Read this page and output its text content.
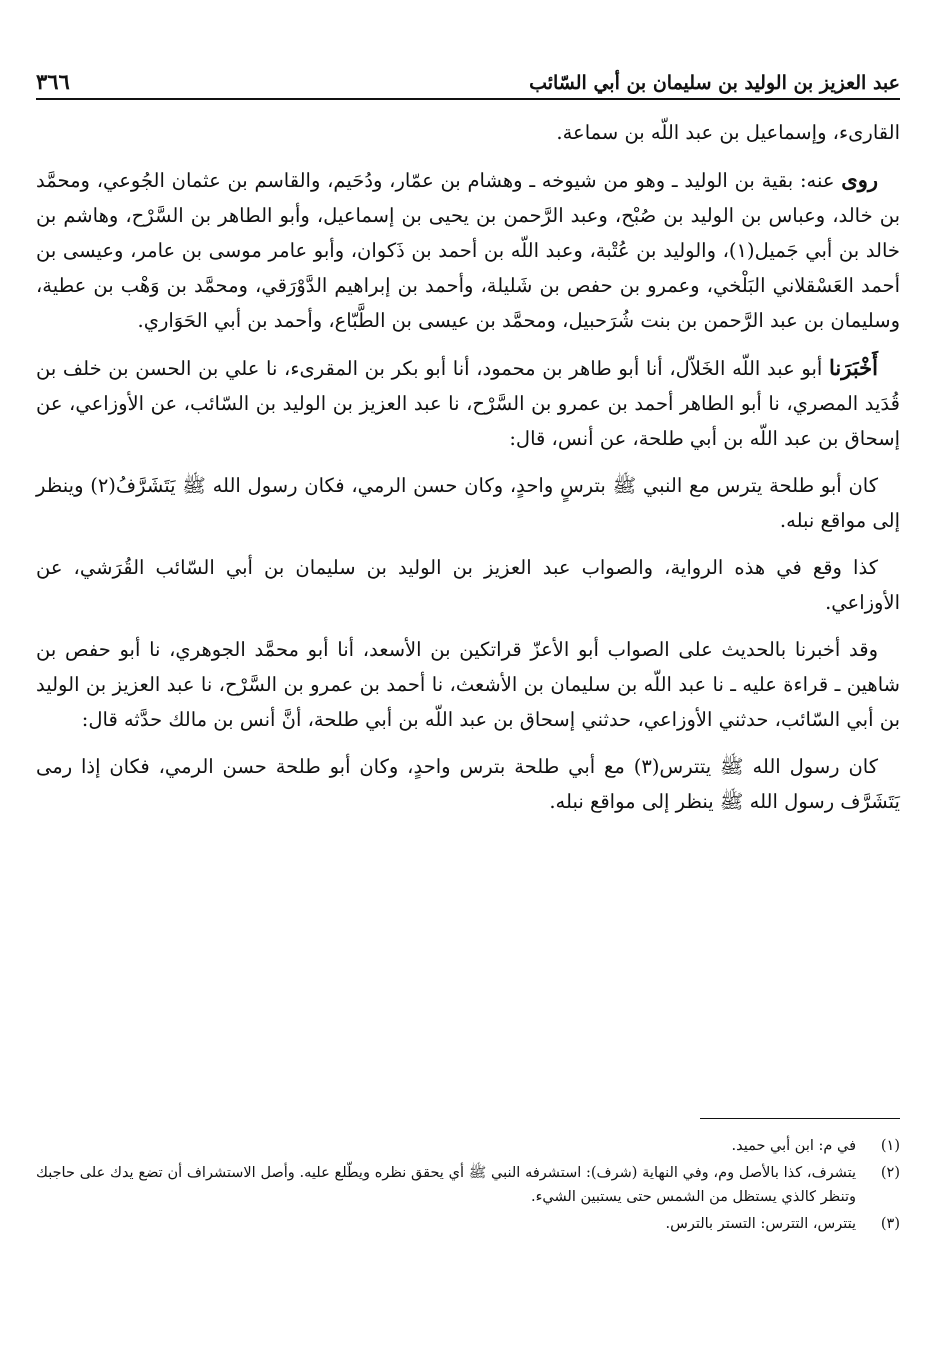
عبد العزيز بن الوليد بن سليمان بن أبي السّائب
٣٦٦

القارىء، وإسماعيل بن عبد اللّه بن سماعة.

روى عنه: بقية بن الوليد ـ وهو من شيوخه ـ وهشام بن عمّار، ودُحَيم، والقاسم بن عثمان الجُوعي، ومحمَّد بن خالد، وعباس بن الوليد بن صُبْح، وعبد الرَّحمن بن يحيى بن إسماعيل، وأبو الطاهر بن السَّرْح، وهاشم بن خالد بن أبي جَميل(١)، والوليد بن عُتْبة، وعبد اللّه بن أحمد بن ذَكوان، وأبو عامر موسى بن عامر، وعيسى بن أحمد العَسْقلاني البَلْخي، وعمرو بن حفص بن شَليلة، وأحمد بن إبراهيم الدَّوْرَقي، ومحمَّد بن وَهْب بن عطية، وسليمان بن عبد الرَّحمن بن بنت شُرَحبيل، ومحمَّد بن عيسى بن الطَّبّاع، وأحمد بن أبي الحَوَاري.

أَخْبَرَنا أبو عبد اللّه الخَلاّل، أنا أبو طاهر بن محمود، أنا أبو بكر بن المقرىء، نا علي بن الحسن بن خلف بن قُدَيد المصري، نا أبو الطاهر أحمد بن عمرو بن السَّرْح، نا عبد العزيز بن الوليد بن السّائب، عن الأوزاعي، عن إسحاق بن عبد اللّه بن أبي طلحة، عن أنس، قال:

كان أبو طلحة يترس مع النبي ﷺ بترسٍ واحدٍ، وكان حسن الرمي، فكان رسول الله ﷺ يَتَشَرَّفُ(٢) وينظر إلى مواقع نبله.

كذا وقع في هذه الرواية، والصواب عبد العزيز بن الوليد بن سليمان بن أبي السّائب القُرَشي، عن الأوزاعي.

وقد أخبرنا بالحديث على الصواب أبو الأعزّ قراتكين بن الأسعد، أنا أبو محمَّد الجوهري، نا أبو حفص بن شاهين ـ قراءة عليه ـ نا عبد اللّه بن سليمان بن الأشعث، نا أحمد بن عمرو بن السَّرْح، نا عبد العزيز بن الوليد بن أبي السّائب، حدثني الأوزاعي، حدثني إسحاق بن عبد اللّه بن أبي طلحة، أنَّ أنس بن مالك حدَّثه قال:

كان رسول الله ﷺ يتترس(٣) مع أبي طلحة بترس واحدٍ، وكان أبو طلحة حسن الرمي، فكان إذا رمى يَتَشَرَّف رسول الله ﷺ ينظر إلى مواقع نبله.

(١)
في م: ابن أبي حميد.
(٢)
يتشرف، كذا بالأصل وم، وفي النهاية (شرف): استشرفه النبي ﷺ أي يحقق نظره ويطّلع عليه. وأصل الاستشراف أن تضع يدك على حاجبك وتنظر كالذي يستظل من الشمس حتى يستبين الشيء.
(٣)
يتترس، التترس: التستر بالترس.
